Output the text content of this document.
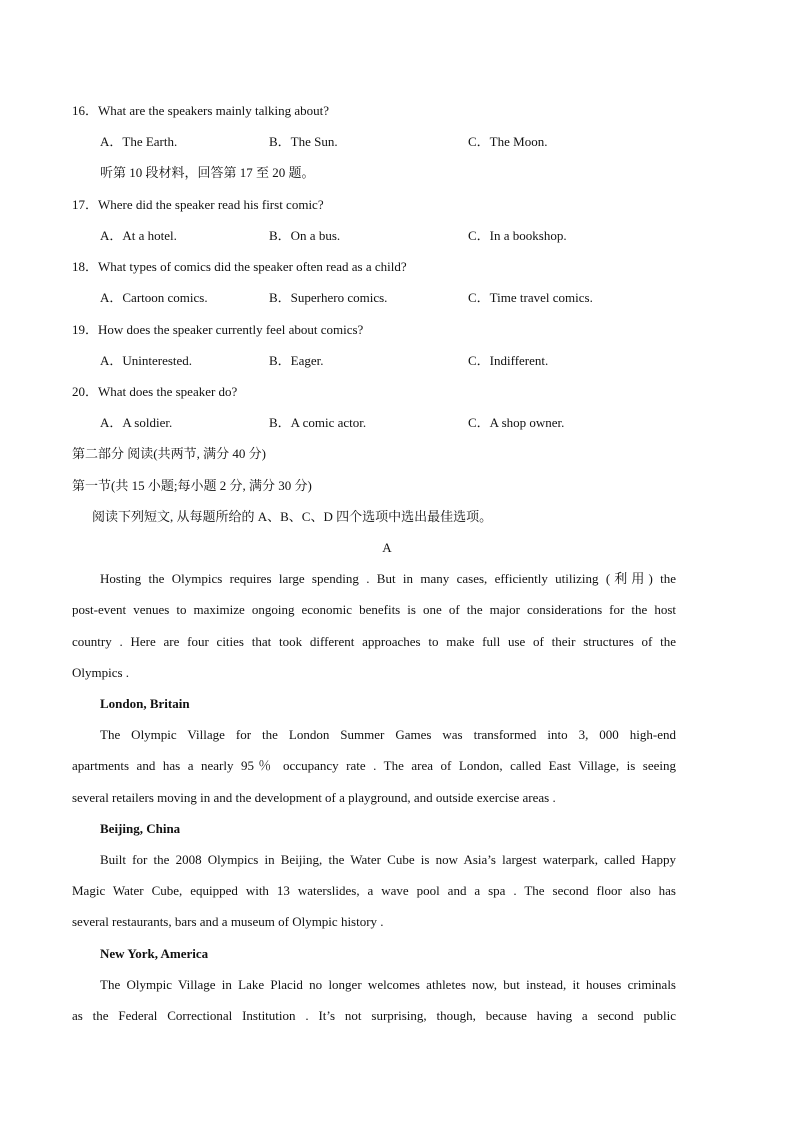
16．What are the speakers mainly talking about?
A．The Earth.	B．The Sun.	C．The Moon.
听第 10 段材料，回答第 17 至 20 题。
17．Where did the speaker read his first comic?
A．At a hotel.	B．On a bus.	C．In a bookshop.
18．What types of comics did the speaker often read as a child?
A．Cartoon comics.	B．Superhero comics.	C．Time travel comics.
19．How does the speaker currently feel about comics?
A．Uninterested.	B．Eager.	C．Indifferent.
20．What does the speaker do?
A．A soldier.	B．A comic actor.	C．A shop owner.
第二部分 阅读(共两节, 满分 40 分)
第一节(共 15 小题;每小题 2 分, 满分 30 分)
阅读下列短文, 从每题所给的 A、B、C、D 四个选项中选出最佳选项。
A
Hosting the Olympics requires large spending . But in many cases, efficiently utilizing (利用) the
post-event venues to maximize ongoing economic benefits is one of the major considerations for the host
country . Here are four cities that took different approaches to make full use of their structures of the
Olympics .
London, Britain
The Olympic Village for the London Summer Games was transformed into 3, 000 high-end
apartments and has a nearly 95％ occupancy rate . The area of London, called East Village, is seeing
several retailers moving in and the development of a playground, and outside exercise areas .
Beijing, China
Built for the 2008 Olympics in Beijing, the Water Cube is now Asia’s largest waterpark, called Happy
Magic Water Cube, equipped with 13 waterslides, a wave pool and a spa . The second floor also has
several restaurants, bars and a museum of Olympic history .
New York, America
The Olympic Village in Lake Placid no longer welcomes athletes now, but instead, it houses criminals
as the Federal Correctional Institution . It’s not surprising, though, because having a second public
